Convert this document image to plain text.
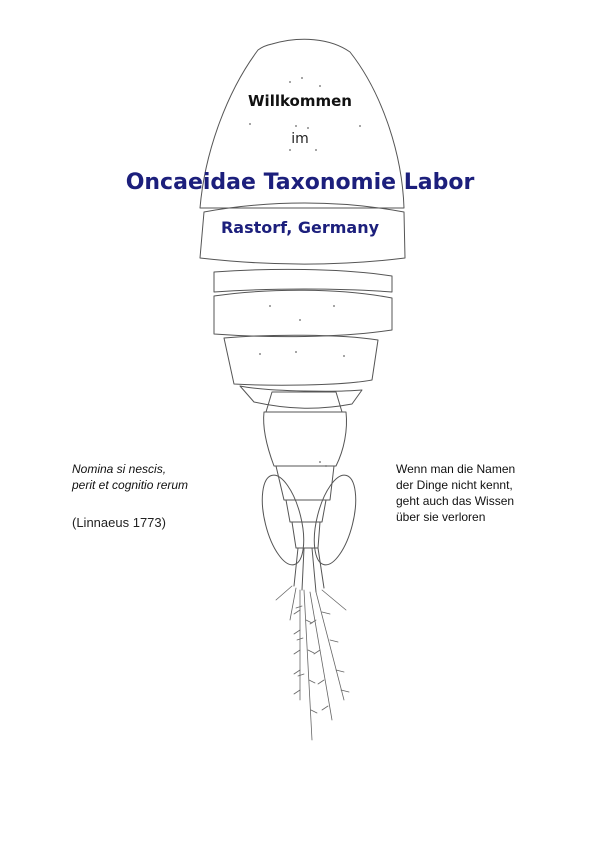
Willkommen
im
Oncaeidae Taxonomie Labor
Rastorf, Germany
Nomina si nescis,
perit et cognitio rerum
(Linnaeus 1773)
Wenn man die Namen
der Dinge nicht kennt,
geht auch das Wissen
über sie verloren
